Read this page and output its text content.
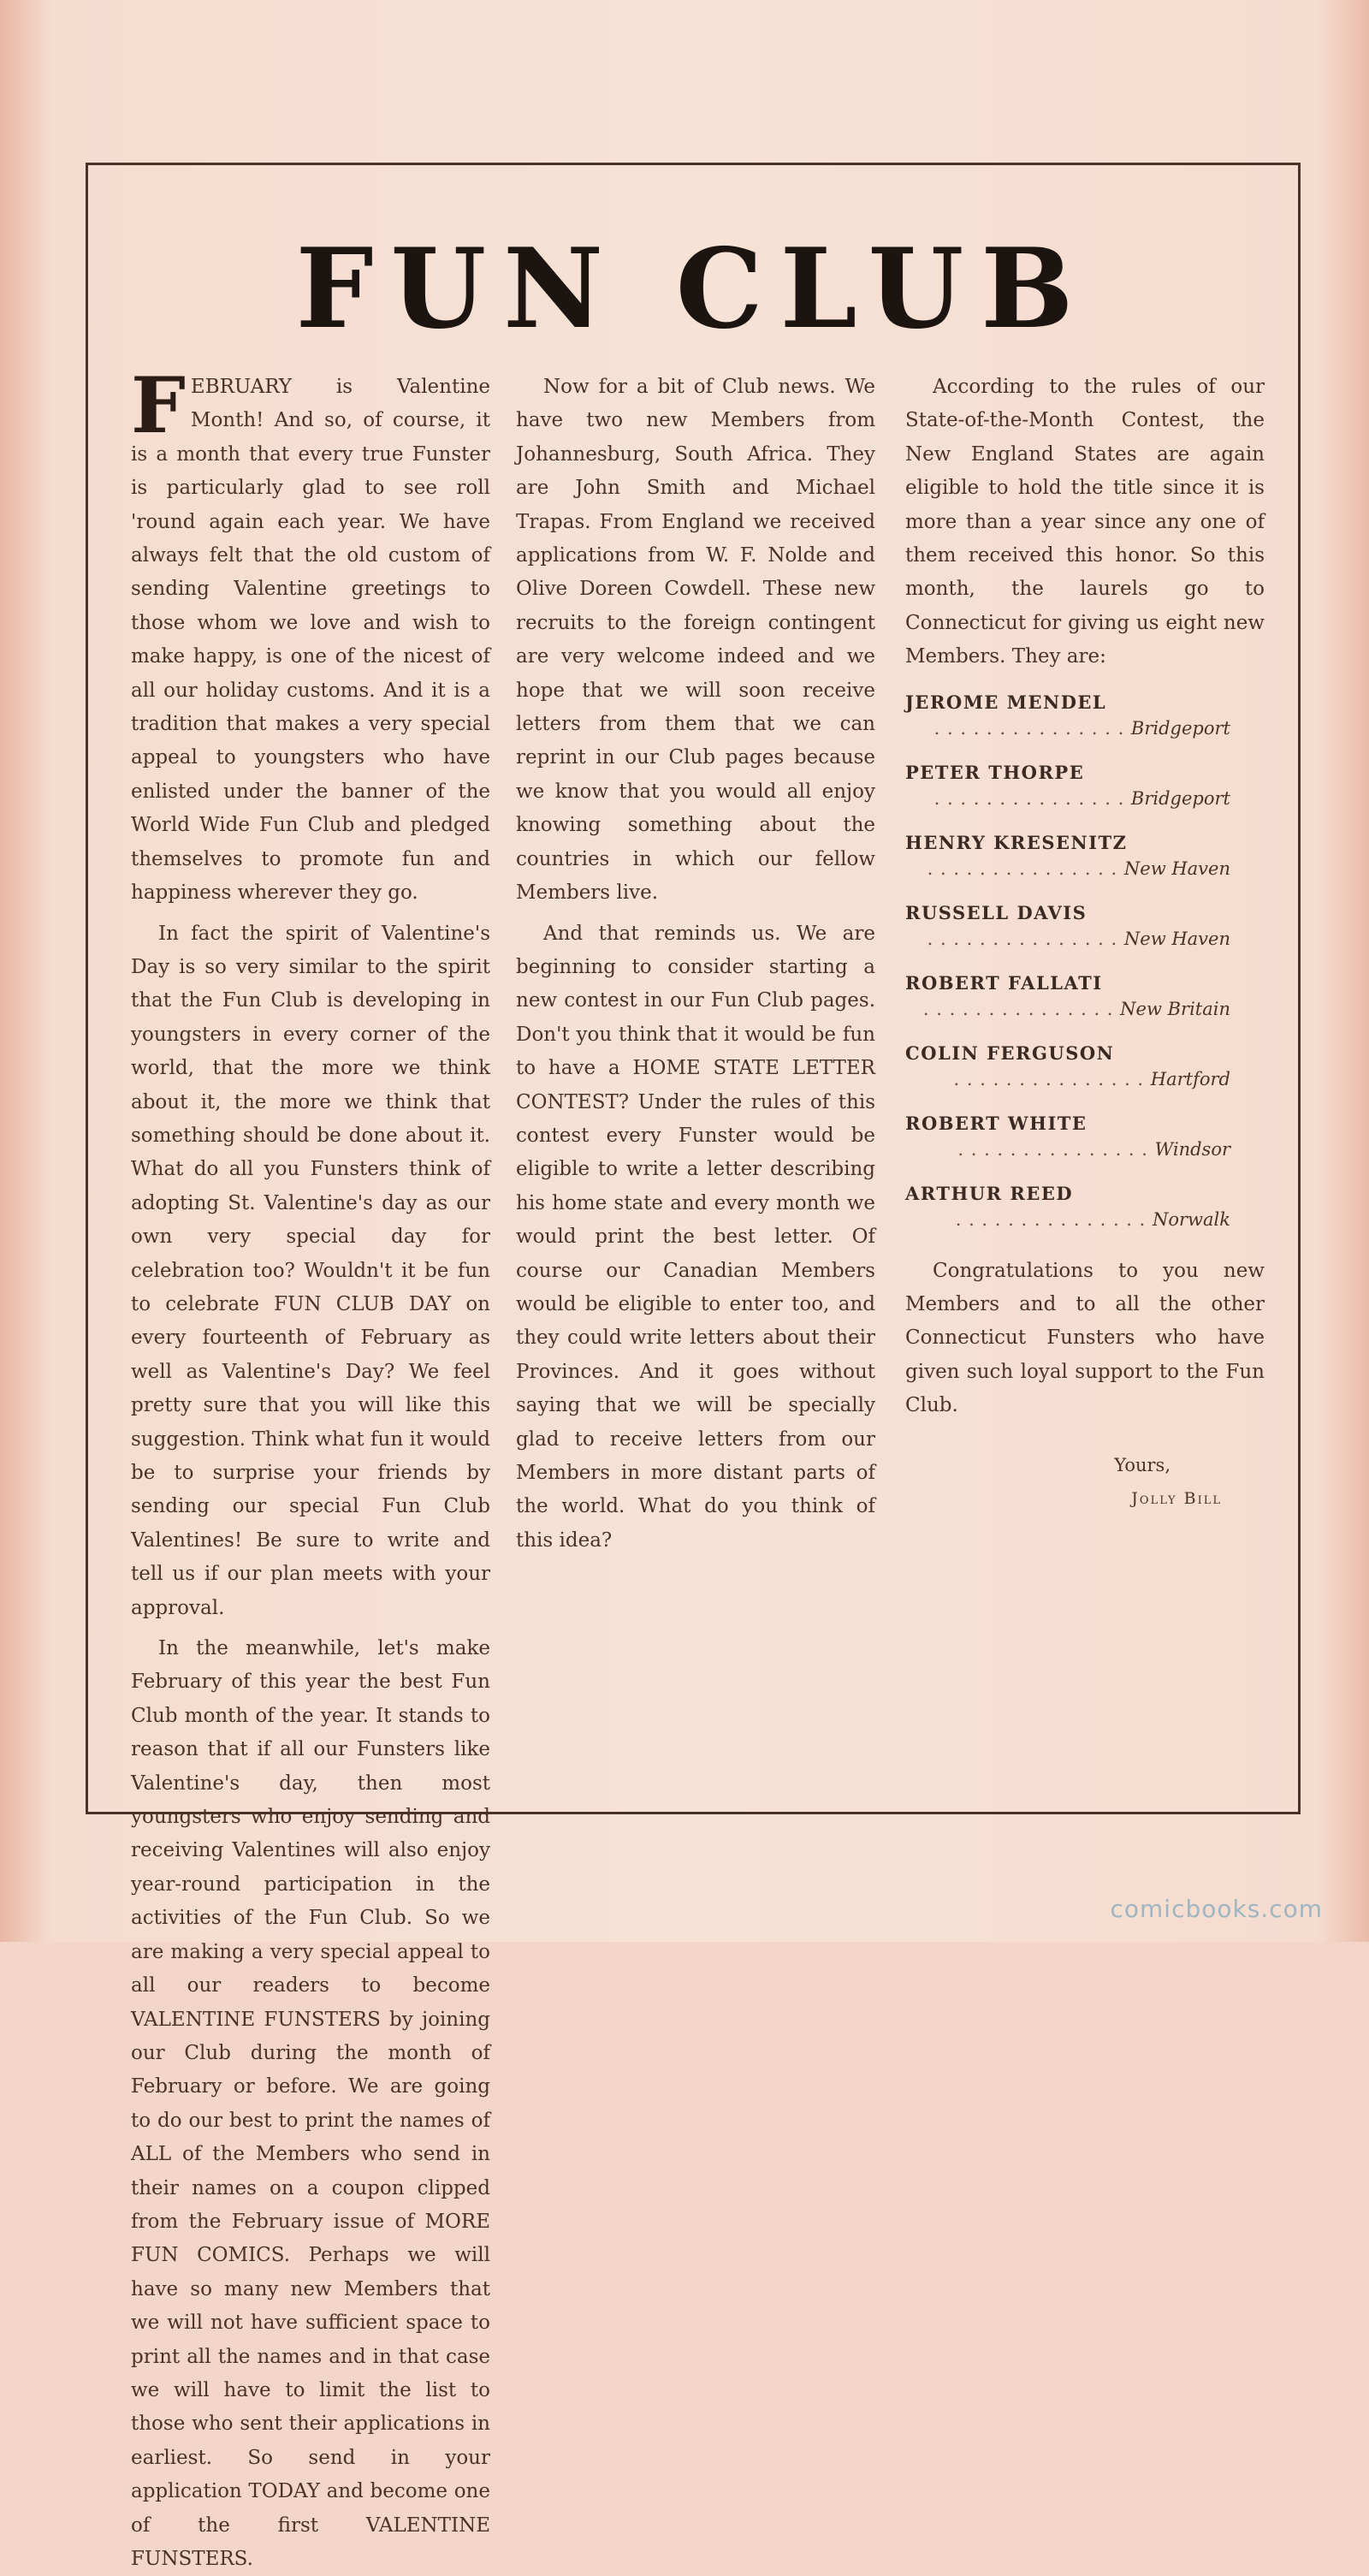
FUN CLUB

FEBRUARY is Valentine Month! And so, of course, it is a month that every true Funster is particularly glad to see roll 'round again each year. We have always felt that the old custom of sending Valentine greetings to those whom we love and wish to make happy, is one of the nicest of all our holiday customs. And it is a tradition that makes a very special appeal to youngsters who have enlisted under the banner of the World Wide Fun Club and pledged themselves to promote fun and happiness wherever they go.

In fact the spirit of Valentine's Day is so very similar to the spirit that the Fun Club is developing in youngsters in every corner of the world, that the more we think about it, the more we think that something should be done about it. What do all you Funsters think of adopting St. Valentine's day as our own very special day for celebration too? Wouldn't it be fun to celebrate FUN CLUB DAY on every fourteenth of February as well as Valentine's Day? We feel pretty sure that you will like this suggestion. Think what fun it would be to surprise your friends by sending our special Fun Club Valentines! Be sure to write and tell us if our plan meets with your approval.

In the meanwhile, let's make February of this year the best Fun Club month of the year. It stands to reason that if all our Funsters like Valentine's day, then most youngsters who enjoy sending and receiving Valentines will also enjoy year-round participation in the activities of the Fun Club. So we are making a very special appeal to all our readers to become VALENTINE FUNSTERS by joining our Club during the month of February or before. We are going to do our best to print the names of ALL of the Members who send in their names on a coupon clipped from the February issue of MORE FUN COMICS. Perhaps we will have so many new Members that we will not have sufficient space to print all the names and in that case we will have to limit the list to those who sent their applications in earliest. So send in your application TODAY and become one of the first VALENTINE FUNSTERS.

Now for a bit of Club news. We have two new Members from Johannesburg, South Africa. They are John Smith and Michael Trapas. From England we received applications from W. F. Nolde and Olive Doreen Cowdell. These new recruits to the foreign contingent are very welcome indeed and we hope that we will soon receive letters from them that we can reprint in our Club pages because we know that you would all enjoy knowing something about the countries in which our fellow Members live.

And that reminds us. We are beginning to consider starting a new contest in our Fun Club pages. Don't you think that it would be fun to have a HOME STATE LETTER CONTEST? Under the rules of this contest every Funster would be eligible to write a letter describing his home state and every month we would print the best letter. Of course our Canadian Members would be eligible to enter too, and they could write letters about their Provinces. And it goes without saying that we will be specially glad to receive letters from our Members in more distant parts of the world. What do you think of this idea?

According to the rules of our State-of-the-Month Contest, the New England States are again eligible to hold the title since it is more than a year since any one of them received this honor. So this month, the laurels go to Connecticut for giving us eight new Members. They are:

JEROME MENDEL
. . . Bridgeport
PETER THORPE
. . . Bridgeport
HENRY KRESENITZ
. . . New Haven
RUSSELL DAVIS
. . . New Haven
ROBERT FALLATI
. . . New Britain
COLIN FERGUSON
. . . Hartford
ROBERT WHITE
. . . Windsor
ARTHUR REED
. . . Norwalk

Congratulations to you new Members and to all the other Connecticut Funsters who have given such loyal support to the Fun Club.

Yours,
Jolly Bill
comicbooks.com
